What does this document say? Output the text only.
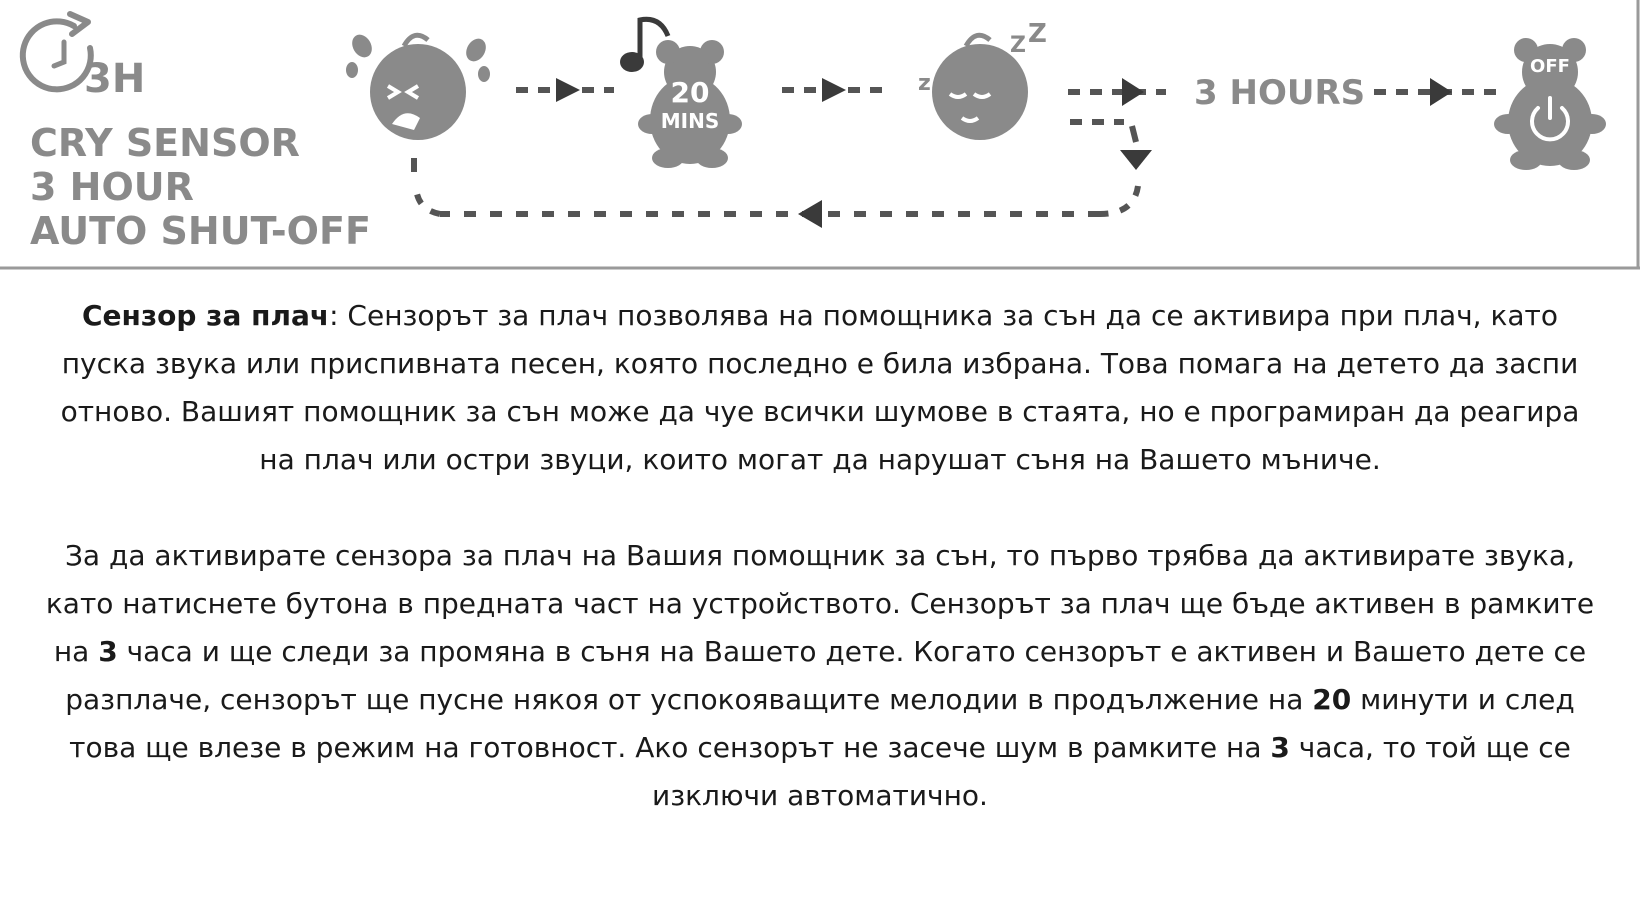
3H
CRY SENSOR
3 HOUR
AUTO SHUT-OFF
20
MINS
z
Z Z
3 HOURS
OFF

Сензор за плач: Сензорът за плач позволява на помощника за сън да се активира при плач, като
пуска звука или приспивната песен, която последно е била избрана. Това помага на детето да заспи
отново. Вашият помощник за сън може да чуе всички шумове в стаята, но е програмиран да реагира
на плач или остри звуци, които могат да нарушат съня на Вашето мъниче.

За да активирате сензора за плач на Вашия помощник за сън, то първо трябва да активирате звука,
като натиснете бутона в предната част на устройството. Сензорът за плач ще бъде активен в рамките
на 3 часа и ще следи за промяна в съня на Вашето дете. Когато сензорът е активен и Вашето дете се
разплаче, сензорът ще пусне някоя от успокояващите мелодии в продължение на 20 минути и след
това ще влезе в режим на готовност. Ако сензорът не засече шум в рамките на 3 часа, то той ще се
изключи автоматично.
